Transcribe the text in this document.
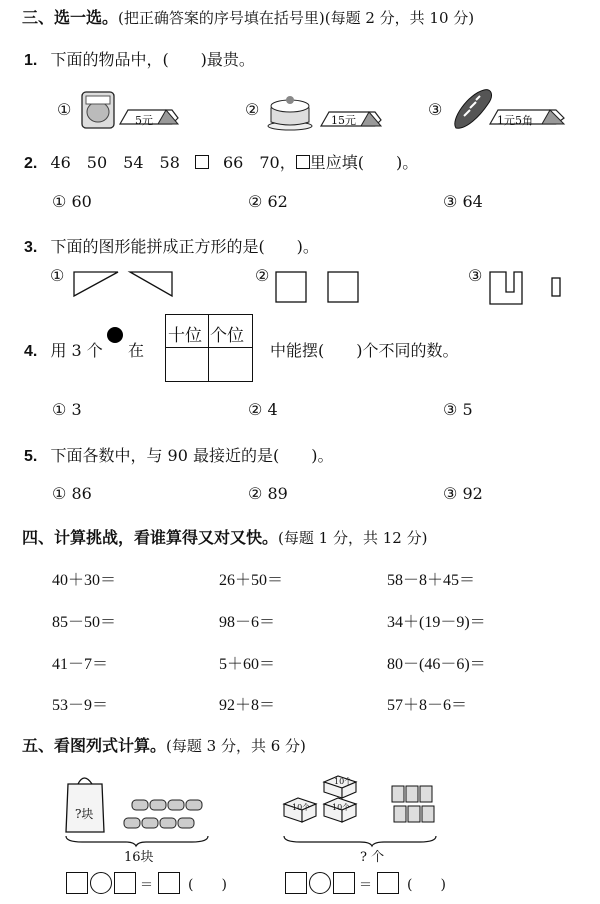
三、选一选。(把正确答案的序号填在括号里)(每题 2 分，共 10 分)
1. 下面的物品中，(　　)最贵。
①
5元
②
15元
③
1元5角
2. 46　50　54　58	66　70， 里应填(　　)。
① 60	② 62	③ 64
3. 下面的图形能拼成正方形的是(　　)。
①	②	③
4. 用 3 个 在
十位 个位
中能摆(　　)个不同的数。
① 3	② 4	③ 5
5. 下面各数中，与 90 最接近的是(　　)。
① 86	② 89	③ 92
四、计算挑战，看谁算得又对又快。(每题 1 分，共 12 分)
40＋30＝	26＋50＝	58－8＋45＝
85－50＝	98－6＝	34＋(19－9)＝
41－7＝	5＋60＝	80－(46－6)＝
53－9＝	92＋8＝	57＋8－6＝
五、看图列式计算。(每题 3 分，共 6 分)
?块
16块
＝ (　　)
10个
10个	10个
? 个
＝ (　　)
